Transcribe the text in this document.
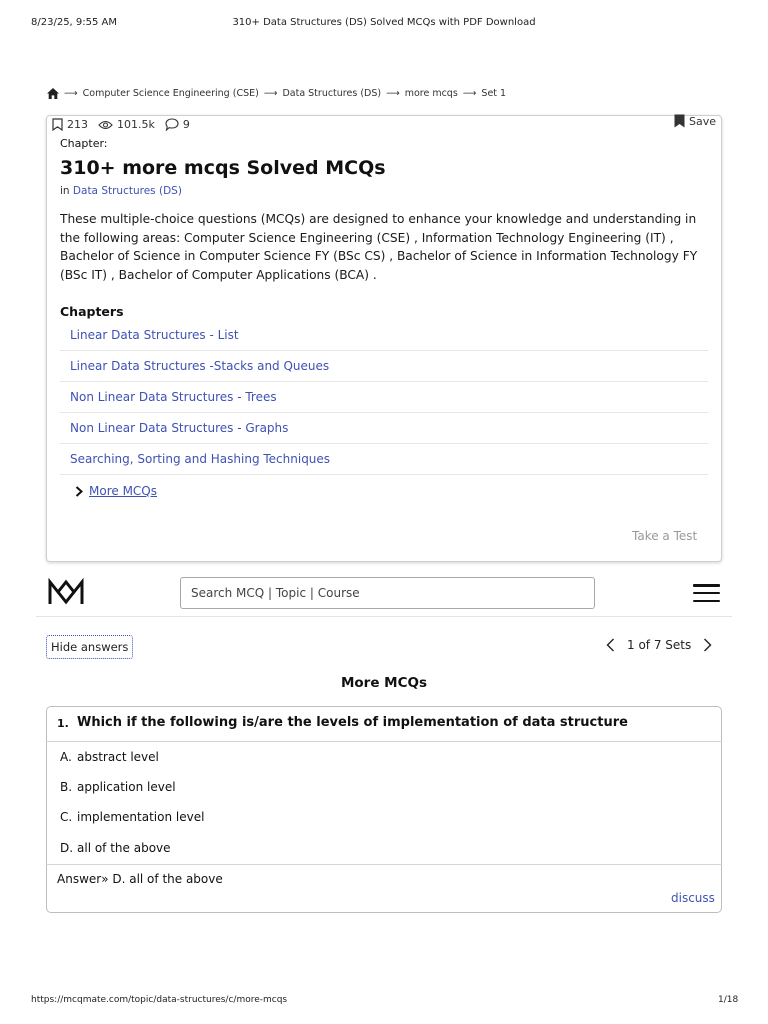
8/23/25, 9:55 AM	310+ Data Structures (DS) Solved MCQs with PDF Download
⟶ Computer Science Engineering (CSE) ⟶ Data Structures (DS) ⟶ more mcqs ⟶ Set 1
213	101.5k	9	Save
Chapter:
310+ more mcqs Solved MCQs
in Data Structures (DS)

These multiple-choice questions (MCQs) are designed to enhance your knowledge and understanding in the following areas: Computer Science Engineering (CSE) , Information Technology Engineering (IT) , Bachelor of Science in Computer Science FY (BSc CS) , Bachelor of Science in Information Technology FY (BSc IT) , Bachelor of Computer Applications (BCA) .

Chapters
Linear Data Structures - List
Linear Data Structures -Stacks and Queues
Non Linear Data Structures - Trees
Non Linear Data Structures - Graphs
Searching, Sorting and Hashing Techniques
More MCQs
Take a Test
Search MCQ | Topic | Course
Hide answers	1 of 7 Sets
More MCQs
1. Which if the following is/are the levels of implementation of data structure
A. abstract level
B. application level
C. implementation level
D. all of the above
Answer» D. all of the above
discuss
https://mcqmate.com/topic/data-structures/c/more-mcqs	1/18
